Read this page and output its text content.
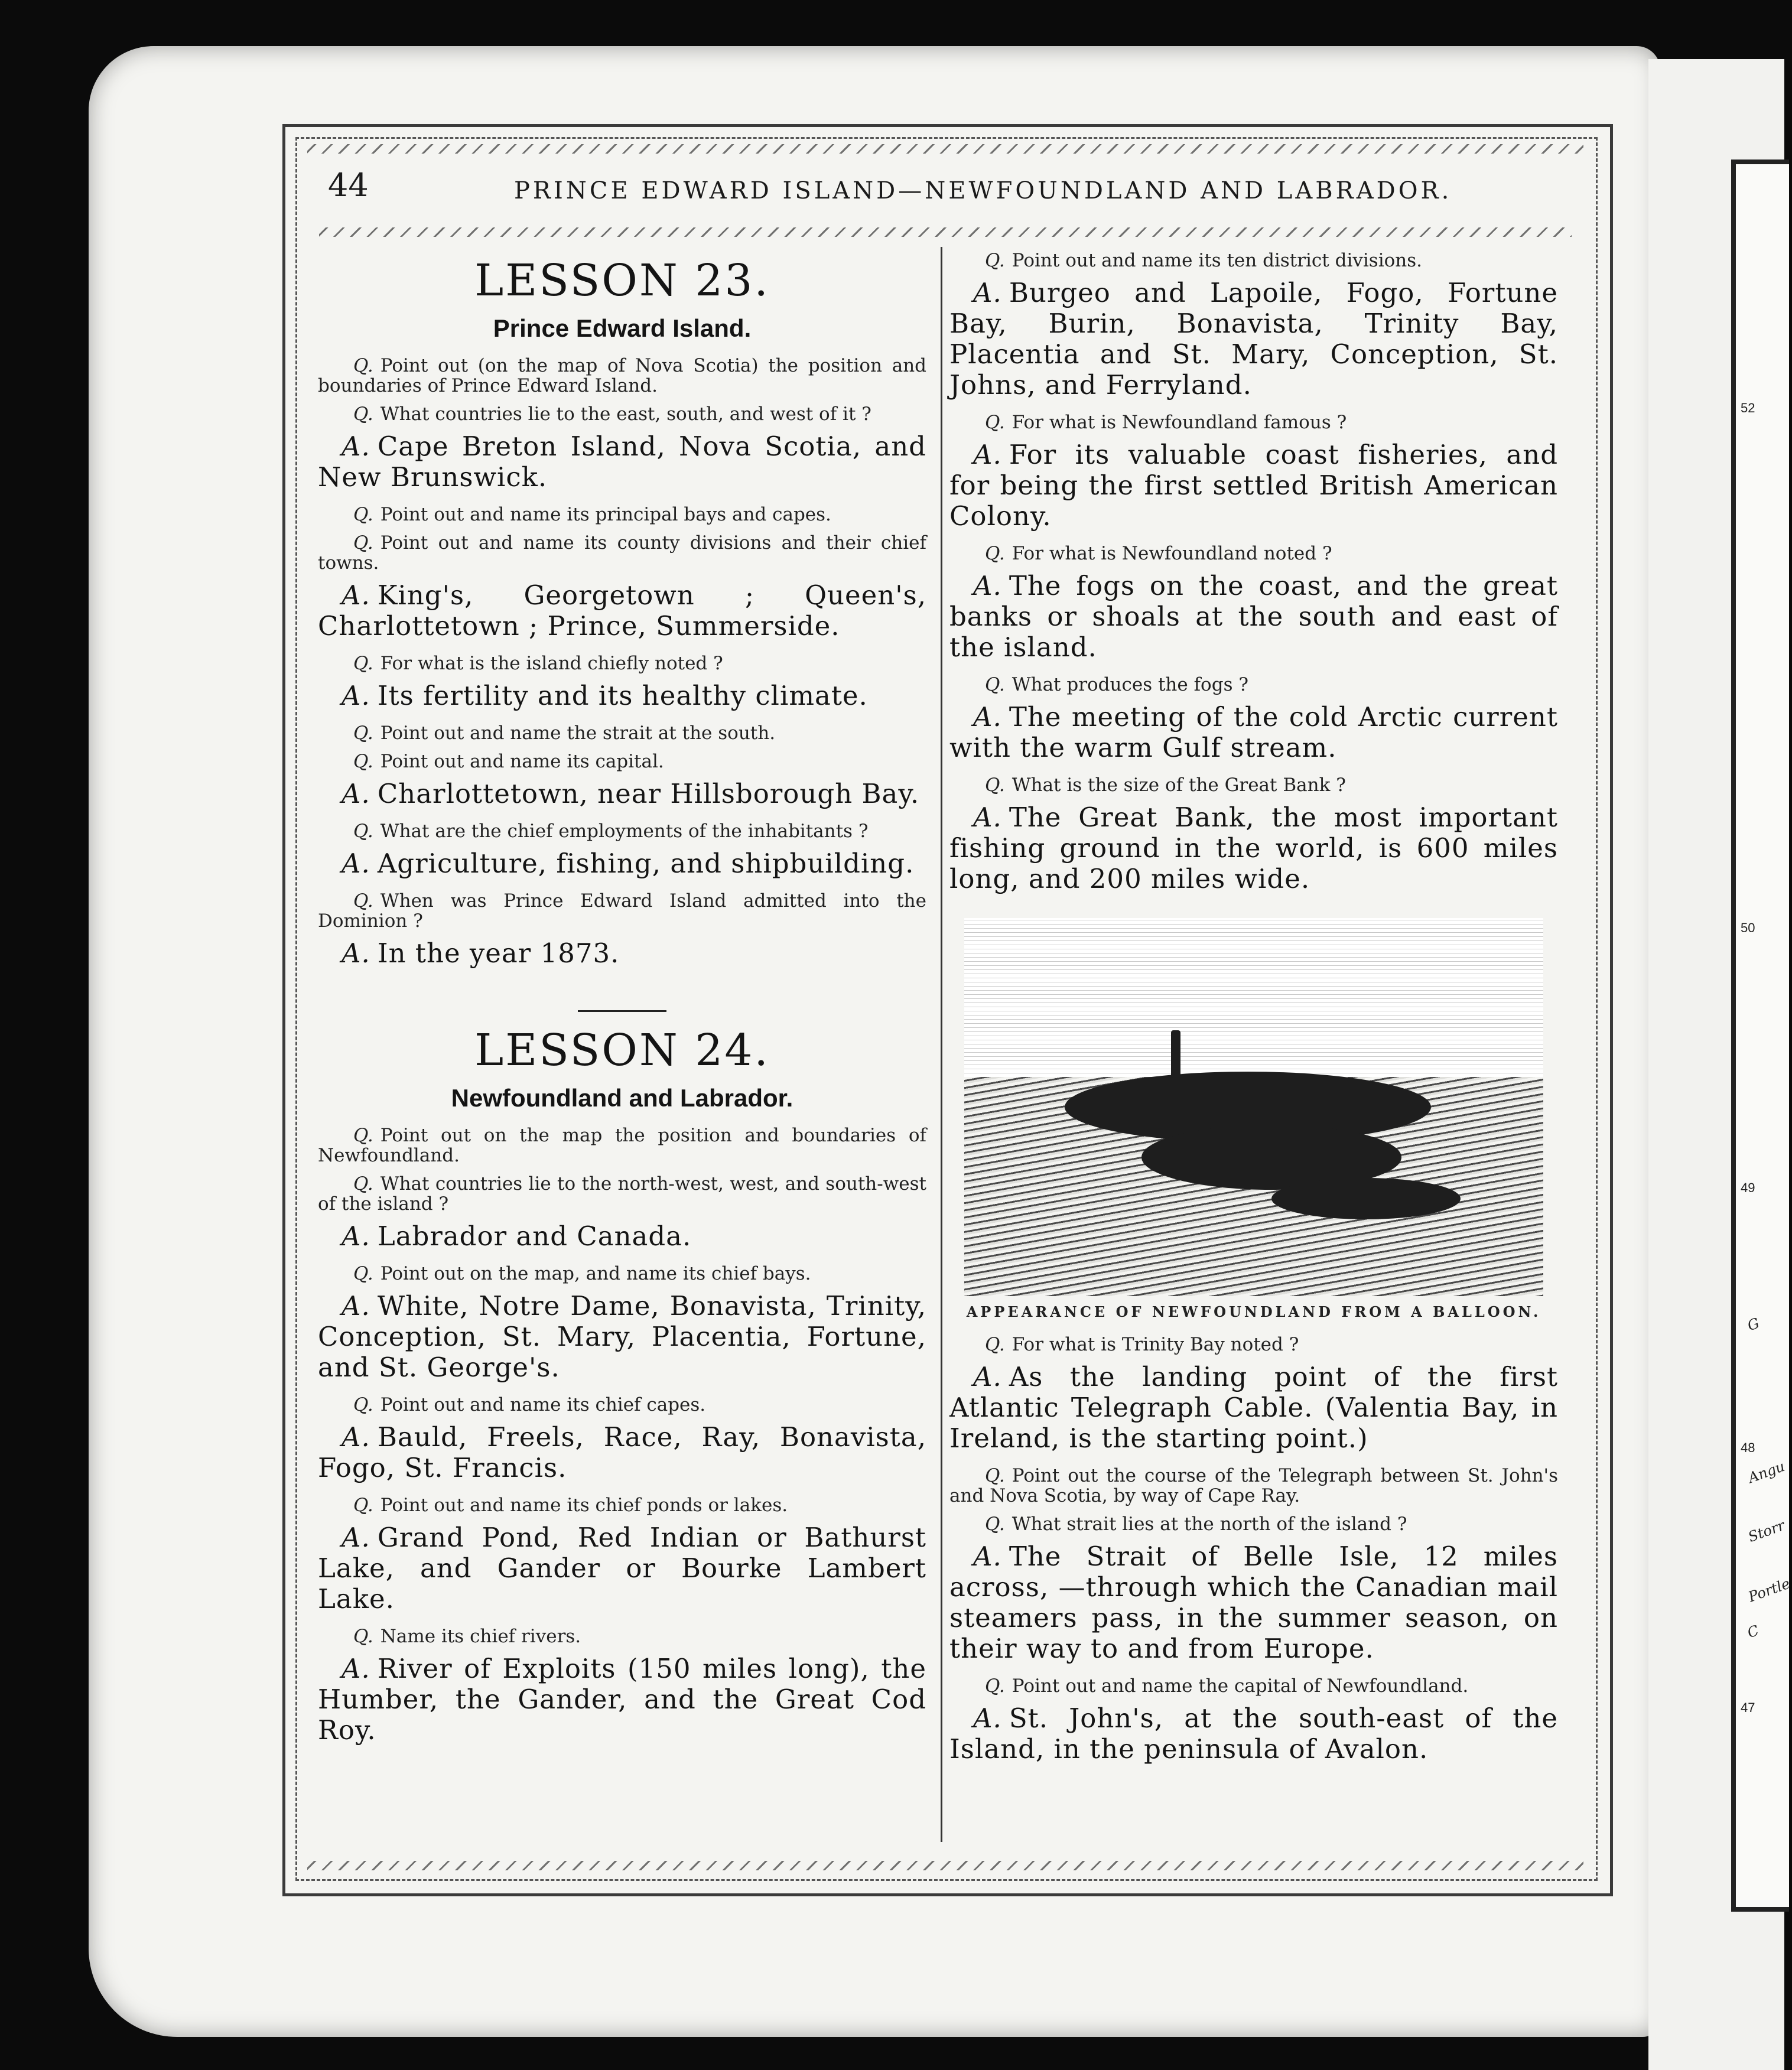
52
50
49
48
47
G
Angu
Storr
Portle
C
44	PRINCE EDWARD ISLAND—NEWFOUNDLAND AND LABRADOR.
LESSON 23.
Prince Edward Island.

Q. Point out (on the map of Nova Scotia) the position and boundaries of Prince Edward Island.

Q. What countries lie to the east, south, and west of it ?

A. Cape Breton Island, Nova Scotia, and New Brunswick.

Q. Point out and name its principal bays and capes.

Q. Point out and name its county divisions and their chief towns.

A. King's, Georgetown ; Queen's, Charlottetown ; Prince, Summerside.

Q. For what is the island chiefly noted ?

A. Its fertility and its healthy climate.

Q. Point out and name the strait at the south.

Q. Point out and name its capital.

A. Charlottetown, near Hillsborough Bay.

Q. What are the chief employments of the inhabitants ?

A. Agriculture, fishing, and shipbuilding.

Q. When was Prince Edward Island admitted into the Dominion ?

A. In the year 1873.

LESSON 24.
Newfoundland and Labrador.

Q. Point out on the map the position and boundaries of Newfoundland.

Q. What countries lie to the north-west, west, and south-west of the island ?

A. Labrador and Canada.

Q. Point out on the map, and name its chief bays.

A. White, Notre Dame, Bonavista, Trinity, Conception, St. Mary, Placentia, Fortune, and St. George's.

Q. Point out and name its chief capes.

A. Bauld, Freels, Race, Ray, Bonavista, Fogo, St. Francis.

Q. Point out and name its chief ponds or lakes.

A. Grand Pond, Red Indian or Bathurst Lake, and Gander or Bourke Lambert Lake.

Q. Name its chief rivers.

A. River of Exploits (150 miles long), the Humber, the Gander, and the Great Cod Roy.

Q. Point out and name its ten district divisions.

A. Burgeo and Lapoile, Fogo, Fortune Bay, Burin, Bonavista, Trinity Bay, Placentia and St. Mary, Conception, St. Johns, and Ferryland.

Q. For what is Newfoundland famous ?

A. For its valuable coast fisheries, and for being the first settled British American Colony.

Q. For what is Newfoundland noted ?

A. The fogs on the coast, and the great banks or shoals at the south and east of the island.

Q. What produces the fogs ?

A. The meeting of the cold Arctic current with the warm Gulf stream.

Q. What is the size of the Great Bank ?

A. The Great Bank, the most important fishing ground in the world, is 600 miles long, and 200 miles wide.

APPEARANCE OF NEWFOUNDLAND FROM A BALLOON.

Q. For what is Trinity Bay noted ?

A. As the landing point of the first Atlantic Telegraph Cable. (Valentia Bay, in Ireland, is the starting point.)

Q. Point out the course of the Telegraph between St. John's and Nova Scotia, by way of Cape Ray.

Q. What strait lies at the north of the island ?

A. The Strait of Belle Isle, 12 miles across, —through which the Canadian mail steamers pass, in the summer season, on their way to and from Europe.

Q. Point out and name the capital of Newfoundland.

A. St. John's, at the south-east of the Island, in the peninsula of Avalon.
